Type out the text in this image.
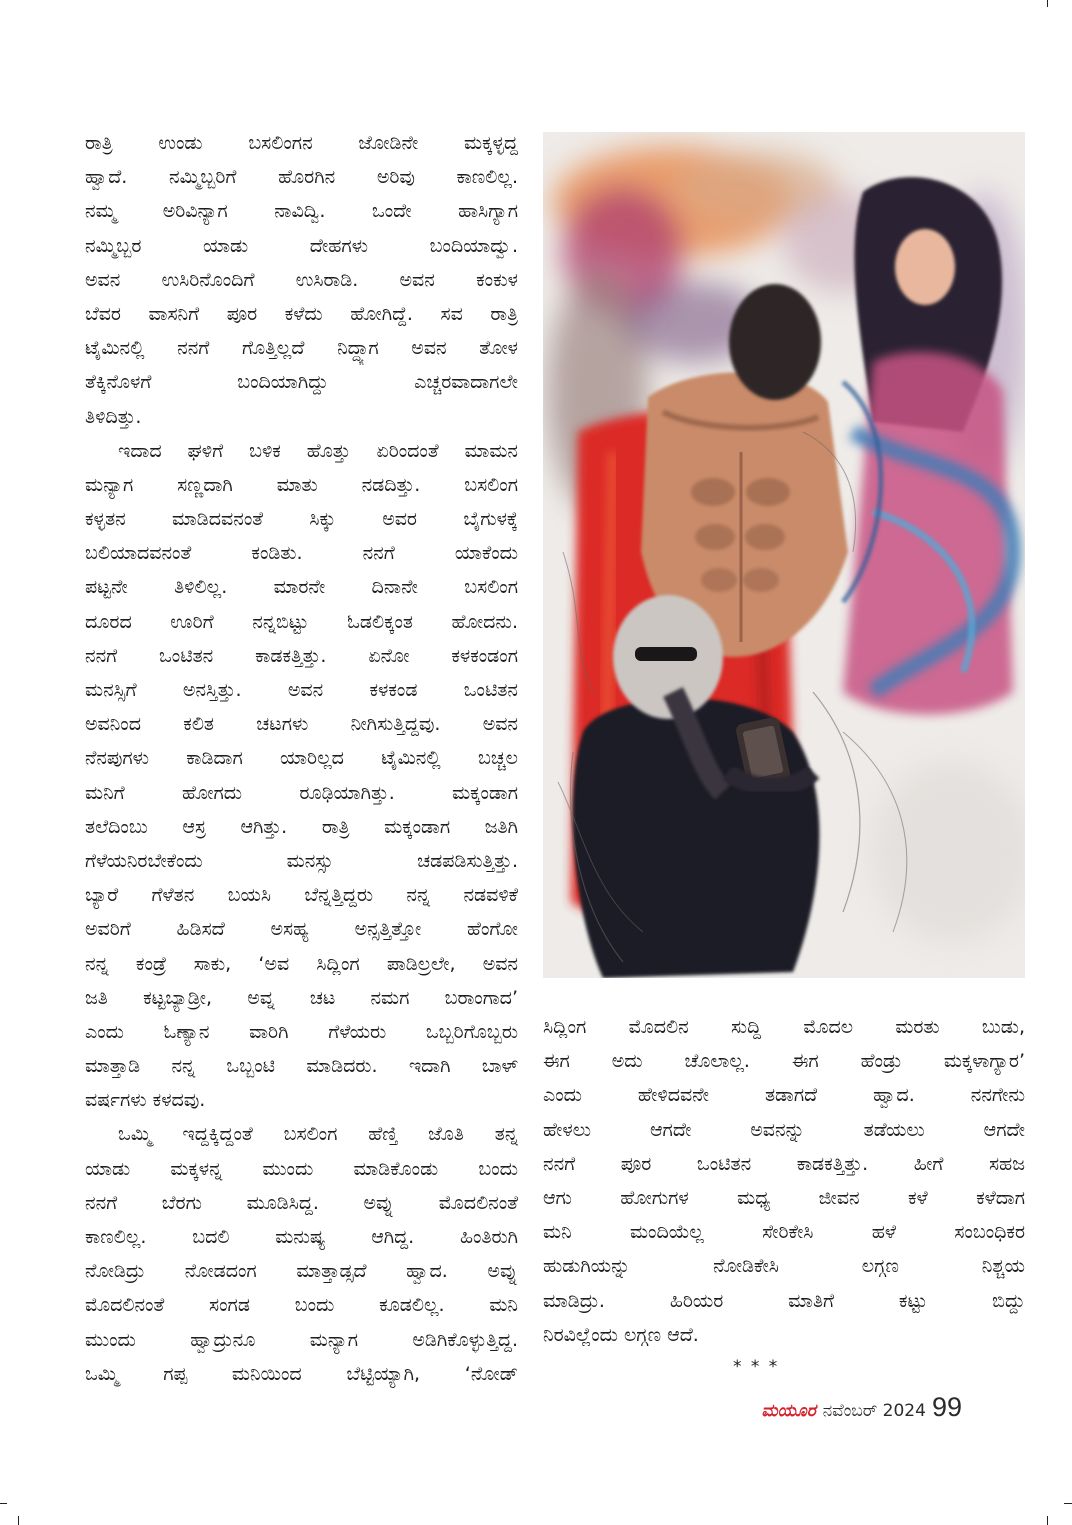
ರಾತ್ರಿ ಉಂಡು ಬಸಲಿಂಗನ ಜೋಡಿನೇ ಮಕ್ಕಳ್ಳದ್ದ
ಹ್ವಾದೆ. ನಮ್ಮಿಬ್ಬರಿಗೆ ಹೊರಗಿನ ಅರಿವು ಕಾಣಲಿಲ್ಲ.
ನಮ್ಮ ಅರಿವಿನ್ಯಾಗ ನಾವಿದ್ವಿ. ಒಂದೇ ಹಾಸಿಗ್ಯಾಗ
ನಮ್ಮಿಬ್ಬರ ಯಾಡು ದೇಹಗಳು ಬಂದಿಯಾದ್ವು.
ಅವನ ಉಸಿರಿನೊಂದಿಗೆ ಉಸಿರಾಡಿ. ಅವನ ಕಂಕುಳ
ಬೆವರ ವಾಸನಿಗೆ ಪೂರ ಕಳೆದು ಹೋಗಿದ್ದೆ. ಸವ ರಾತ್ರಿ
ಟೈಮಿನಲ್ಲಿ ನನಗೆ ಗೊತ್ತಿಲ್ಲದೆ ನಿದ್ದ್ಯಾಗ ಅವನ ತೋಳ
ತೆಕ್ಕಿನೊಳಗೆ ಬಂದಿಯಾಗಿದ್ದು ಎಚ್ಚರವಾದಾಗಲೇ
ತಿಳಿದಿತ್ತು.
ಇದಾದ ಘಳಿಗೆ ಬಳಿಕ ಹೊತ್ತು ಏರಿಂದಂತೆ ಮಾಮನ
ಮನ್ಯಾಗ ಸಣ್ಣದಾಗಿ ಮಾತು ನಡದಿತ್ತು. ಬಸಲಿಂಗ
ಕಳ್ಳತನ ಮಾಡಿದವನಂತೆ ಸಿಕ್ಕು ಅವರ ಬೈಗುಳಕ್ಕೆ
ಬಲಿಯಾದವನಂತೆ ಕಂಡಿತು. ನನಗೆ ಯಾಕೆಂದು
ಪಟ್ಟನೇ ತಿಳಿಲಿಲ್ಲ. ಮಾರನೇ ದಿನಾನೇ ಬಸಲಿಂಗ
ದೂರದ ಊರಿಗೆ ನನ್ನಬಿಟ್ಟು ಓಡಲಿಕ್ಕಂತ ಹೋದನು.
ನನಗೆ ಒಂಟಿತನ ಕಾಡಕತ್ತಿತ್ತು. ಏನೋ ಕಳಕಂಡಂಗ
ಮನಸ್ಸಿಗೆ ಅನಸ್ತಿತ್ತು. ಅವನ ಕಳಕಂಡ ಒಂಟಿತನ
ಅವನಿಂದ ಕಲಿತ ಚಟಗಳು ನೀಗಿಸುತ್ತಿದ್ದವು. ಅವನ
ನೆನಪುಗಳು ಕಾಡಿದಾಗ ಯಾರಿಲ್ಲದ ಟೈಮಿನಲ್ಲಿ ಬಚ್ಚಲ
ಮನಿಗೆ ಹೋಗದು ರೂಢಿಯಾಗಿತ್ತು. ಮಕ್ಕಂಡಾಗ
ತಲೆದಿಂಬು ಆಸ್ರ ಆಗಿತ್ತು. ರಾತ್ರಿ ಮಕ್ಕಂಡಾಗ ಜತಿಗಿ
ಗೆಳೆಯನಿರಬೇಕೆಂದು ಮನಸ್ಸು ಚಡಪಡಿಸುತ್ತಿತ್ತು.
ಬ್ಯಾರೆ ಗೆಳೆತನ ಬಯಸಿ ಬೆನ್ನತ್ತಿದ್ದರು ನನ್ನ ನಡವಳಿಕೆ
ಅವರಿಗೆ ಹಿಡಿಸದೆ ಅಸಹ್ಯ ಅನ್ಸತ್ತಿತ್ತೋ ಹೆಂಗೋ
ನನ್ನ ಕಂಡ್ರೆ ಸಾಕು, ‘ಅವ ಸಿದ್ಲಿಂಗ ಪಾಡಿಲ್ರಲೇ, ಅವನ
ಜತಿ ಕಟ್ಟಬ್ಯಾಡ್ರೀ, ಅವ್ನ ಚಟ ನಮಗ ಬರಾಂಗಾದ’
ಎಂದು ಓಣ್ಯಾನ ವಾರಿಗಿ ಗೆಳೆಯರು ಒಬ್ಬರಿಗೊಬ್ಬರು
ಮಾತ್ತಾಡಿ ನನ್ನ ಒಬ್ಬಂಟಿ ಮಾಡಿದರು. ಇದಾಗಿ ಬಾಳ್
ವರ್ಷಗಳು ಕಳದವು.
ಒಮ್ಮಿ ಇದ್ದಕ್ಕಿದ್ದಂತೆ ಬಸಲಿಂಗ ಹೆಣ್ತಿ ಜೊತಿ ತನ್ನ
ಯಾಡು ಮಕ್ಕಳನ್ನ ಮುಂದು ಮಾಡಿಕೊಂಡು ಬಂದು
ನನಗೆ ಬೆರಗು ಮೂಡಿಸಿದ್ದ. ಅವ್ನು ಮೊದಲಿನಂತೆ
ಕಾಣಲಿಲ್ಲ. ಬದಲಿ ಮನುಷ್ಯ ಆಗಿದ್ದ. ಹಿಂತಿರುಗಿ
ನೋಡಿದ್ರು ನೋಡದಂಗ ಮಾತ್ತಾಡ್ಸದೆ ಹ್ವಾದ. ಅವ್ನು
ಮೊದಲಿನಂತೆ ಸಂಗಡ ಬಂದು ಕೂಡಲಿಲ್ಲ. ಮನಿ
ಮುಂದು ಹ್ವಾದ್ರುನೂ ಮನ್ಯಾಗ ಅಡಿಗಿಕೊಳ್ಳುತ್ತಿದ್ದ.
ಒಮ್ಮಿ ಗಪ್ಪ ಮನಿಯಿಂದ ಬೆಟ್ಟಿಯ್ಯಾಗಿ, ‘ನೋಡ್
ಸಿದ್ಲಿಂಗ ಮೊದಲಿನ ಸುದ್ದಿ ಮೊದಲ ಮರತು ಬುಡು,
ಈಗ ಅದು ಚೊಲಾಲ್ಲ. ಈಗ ಹೆಂಡ್ರು ಮಕ್ಕಳಾಗ್ಯಾರ’
ಎಂದು ಹೇಳಿದವನೇ ತಡಾಗದೆ ಹ್ವಾದ. ನನಗೇನು
ಹೇಳಲು ಆಗದೇ ಅವನನ್ನು ತಡೆಯಲು ಆಗದೇ
ನನಗೆ ಪೂರ ಒಂಟಿತನ ಕಾಡಕತ್ತಿತ್ತು. ಹೀಗೆ ಸಹಜ
ಆಗು ಹೋಗುಗಳ ಮಧ್ಯ ಜೀವನ ಕಳೆ ಕಳೆದಾಗ
ಮನಿ ಮಂದಿಯೆಲ್ಲ ಸೇರಿಕೇಸಿ ಹಳೆ ಸಂಬಂಧಿಕರ
ಹುಡುಗಿಯನ್ನು ನೋಡಿಕೇಸಿ ಲಗ್ಗಣ ನಿಶ್ಚಯ
ಮಾಡಿದ್ರು. ಹಿರಿಯರ ಮಾತಿಗೆ ಕಟ್ಟು ಬಿದ್ದು
ನಿರವಿಲ್ಲೆಂದು ಲಗ್ಗಣ ಆದೆ.
* * *
ಮಯೂರ ನವೆಂಬರ್ 2024 99
